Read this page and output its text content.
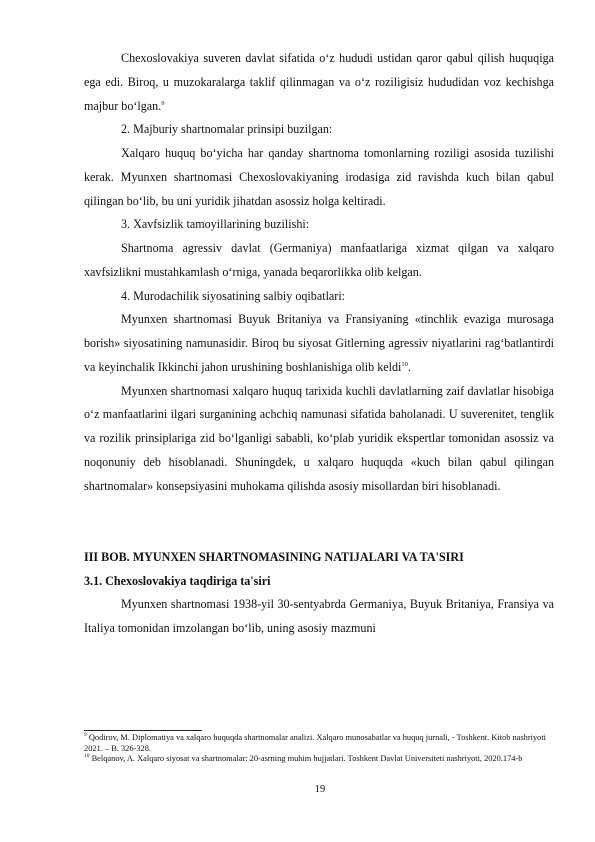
Chexoslovakiya suveren davlat sifatida o‘z hududi ustidan qaror qabul qilish huquqiga ega edi. Biroq, u muzokaralarga taklif qilinmagan va o‘z roziligisiz hududidan voz kechishga majbur bo‘lgan.$^9$

2. Majburiy shartnomalar prinsipi buzilgan:

Xalqaro huquq bo‘yicha har qanday shartnoma tomonlarning roziligi asosida tuzilishi kerak. Myunxen shartnomasi Chexoslovakiyaning irodasiga zid ravishda kuch bilan qabul qilingan bo‘lib, bu uni yuridik jihatdan asossiz holga keltiradi.

3. Xavfsizlik tamoyillarining buzilishi:

Shartnoma agressiv davlat (Germaniya) manfaatlariga xizmat qilgan va xalqaro xavfsizlikni mustahkamlash o‘rniga, yanada beqarorlikka olib kelgan.

4. Murodachilik siyosatining salbiy oqibatlari:

Myunxen shartnomasi Buyuk Britaniya va Fransiyaning «tinchlik evaziga murosaga borish» siyosatining namunasidir. Biroq bu siyosat Gitlerning agressiv niyatlarini rag‘batlantirdi va keyinchalik Ikkinchi jahon urushining boshlanishiga olib keldi$^{10}$.

Myunxen shartnomasi xalqaro huquq tarixida kuchli davlatlarning zaif davlatlar hisobiga o‘z manfaatlarini ilgari surganining achchiq namunasi sifatida baholanadi. U suverenitet, tenglik va rozilik prinsiplariga zid bo‘lganligi sababli, ko‘plab yuridik ekspertlar tomonidan asossiz va noqonuniy deb hisoblanadi. Shuningdek, u xalqaro huquqda «kuch bilan qabul qilingan shartnomalar» konsepsiyasini muhokama qilishda asosiy misollardan biri hisoblanadi.

III BOB. MYUNXEN SHARTNOMASINING NATIJALARI VA TA'SIRI

3.1. Chexoslovakiya taqdiriga ta'siri

Myunxen shartnomasi 1938-yil 30-sentyabrda Germaniya, Buyuk Britaniya, Fransiya va Italiya tomonidan imzolangan bo‘lib, uning asosiy mazmuni

$^9$ Qodirov, M. Diplomatiya va xalqaro huquqda shartnomalar analizi. Xalqaro munosabatlar va huquq jurnali, - Toshkent. Kitob nashriyoti 2021. – B. 326-328.

$^{10}$ Belqanov, A. Xalqaro siyosat va shartnomalar: 20-asrning muhim hujjatlari. Toshkent Davlat Universiteti nashriyoti, 2020.174-b

19
